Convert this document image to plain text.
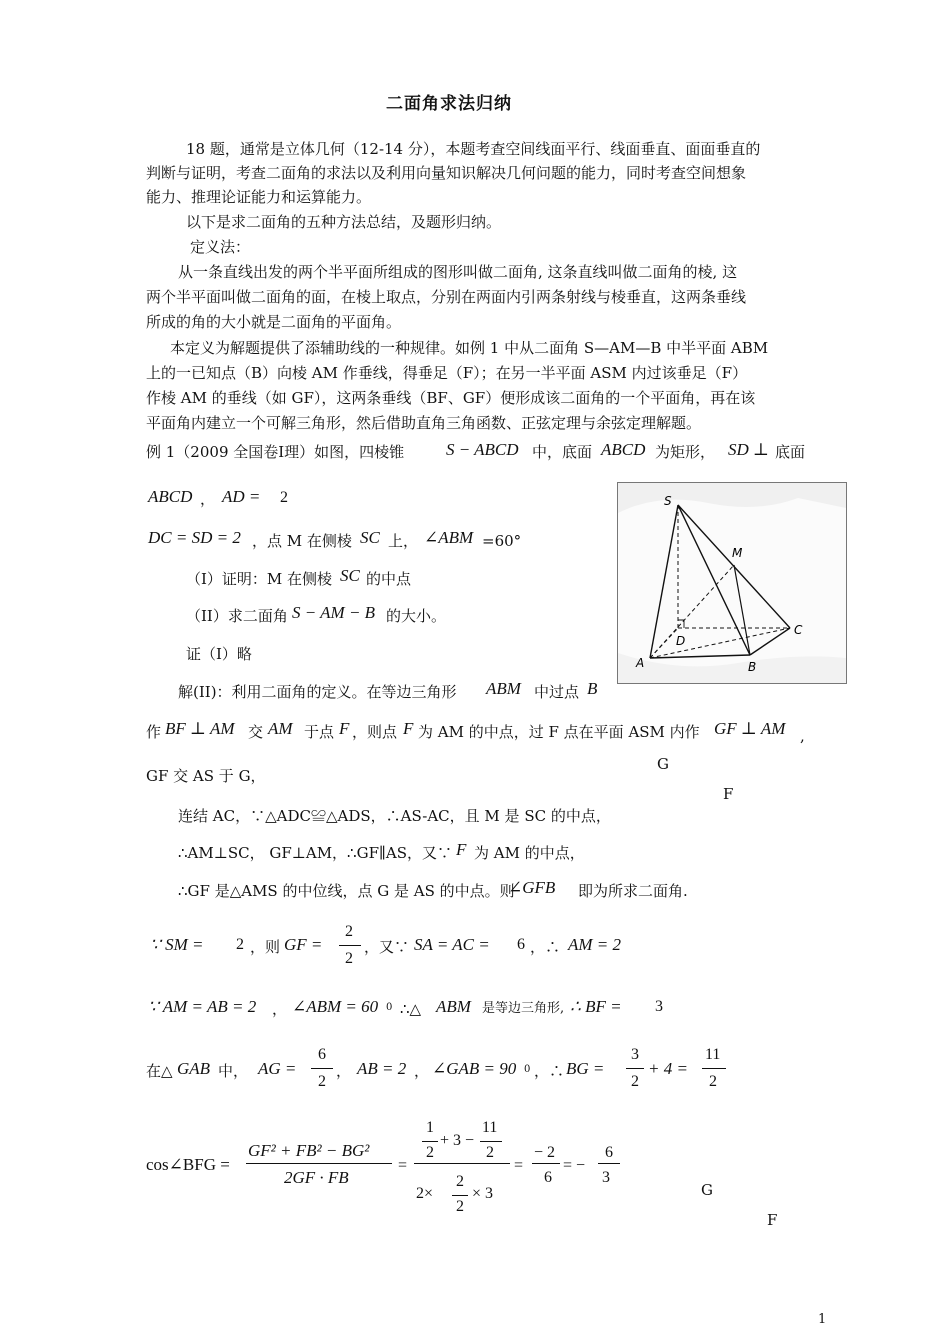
二面角求法归纳
18 题，通常是立体几何（12-14 分），本题考查空间线面平行、线面垂直、面面垂直的
判断与证明，考查二面角的求法以及利用向量知识解决几何问题的能力，同时考查空间想象
能力、推理论证能力和运算能力。
以下是求二面角的五种方法总结，及题形归纳。
定义法：
从一条直线出发的两个半平面所组成的图形叫做二面角, 这条直线叫做二面角的棱, 这
两个半平面叫做二面角的面，在棱上取点，分别在两面内引两条射线与棱垂直，这两条垂线
所成的角的大小就是二面角的平面角。
本定义为解题提供了添辅助线的一种规律。如例 1 中从二面角 S—AM—B 中半平面 ABM
上的一已知点（B）向棱 AM 作垂线，得垂足（F）；在另一半平面 ASM 内过该垂足（F）
作棱 AM 的垂线（如 GF），这两条垂线（BF、GF）便形成该二面角的一个平面角，再在该
平面角内建立一个可解三角形，然后借助直角三角函数、正弦定理与余弦定理解题。
例 1（2009 全国卷Ⅰ理）如图，四棱锥 S − ABCD 中，底面 ABCD 为矩形， SD ⊥ 底面
ABCD ， AD = 2
DC = SD = 2 ，点 M 在侧棱 SC 上， ∠ABM =60°
（I）证明：M 在侧棱 SC 的中点
（II）求二面角 S − AM − B 的大小。
证（I）略
S
M
C
D
A	B
解(II)：利用二面角的定义。在等边三角形 ABM 中过点 B
作 BF ⊥ AM 交 AM 于点 F ，则点 F 为 AM 的中点，过 F 点在平面 ASM 内作 GF ⊥ AM ,
GF 交 AS 于 G，
G
F
连结 AC，∵△ADC≌△ADS，∴AS-AC，且 M 是 SC 的中点，
∴AM⊥SC， GF⊥AM，∴GF∥AS，又∵ F 为 AM 的中点，
∴GF 是△AMS 的中位线，点 G 是 AS 的中点。则
∠GFB 即为所求二面角.
∵ SM = 2 ，则 GF =
2
2
，又∵ SA = AC = 6 ，∴ AM = 2
∵ AM = AB = 2 ， ∠ABM = 60 0 ∴△ ABM 是等边三角形, ∴ BF = 3
在△ GAB 中， AG =
6
2
， AB = 2 ， ∠GAB = 90 0 ，∴ BG =
3
2
+ 4 =
11
2
cos∠BFG =
GF² + FB² − BG²
2GF · FB
=
1
2
+ 3 −
11
2
2×
2
2
× 3
=
− 2
6
= −
6
3
G
F
1
